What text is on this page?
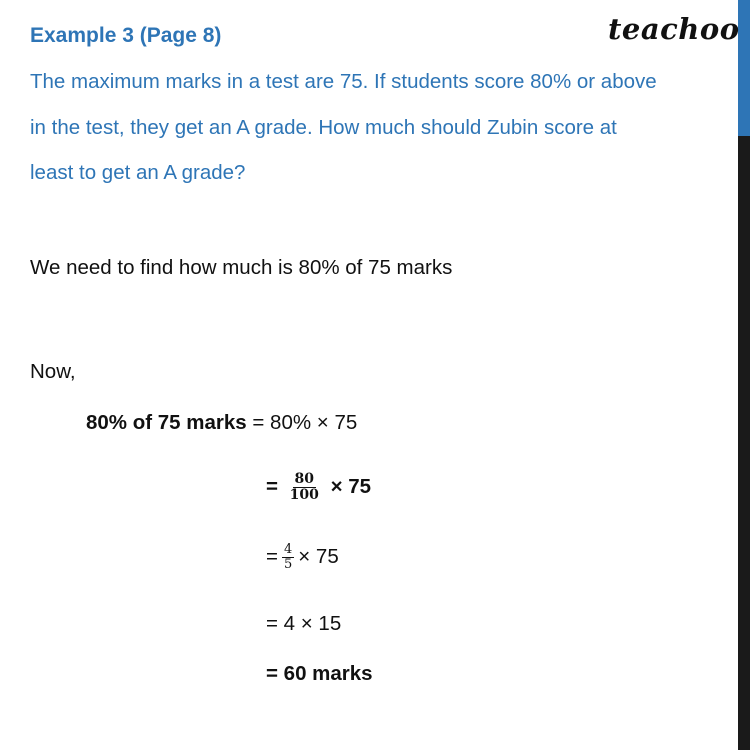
Example 3 (Page 8)	teachoo
The maximum marks in a test are 75. If students score 80% or above
in the test, they get an A grade. How much should Zubin score at
least to get an A grade?
We need to find how much is 80% of 75 marks
Now,
80% of 75 marks = 80% × 75
= $\frac{80}{100} \times 75$
= $\frac{4}{5} \times 75$
= 4 × 15
= 60 marks
